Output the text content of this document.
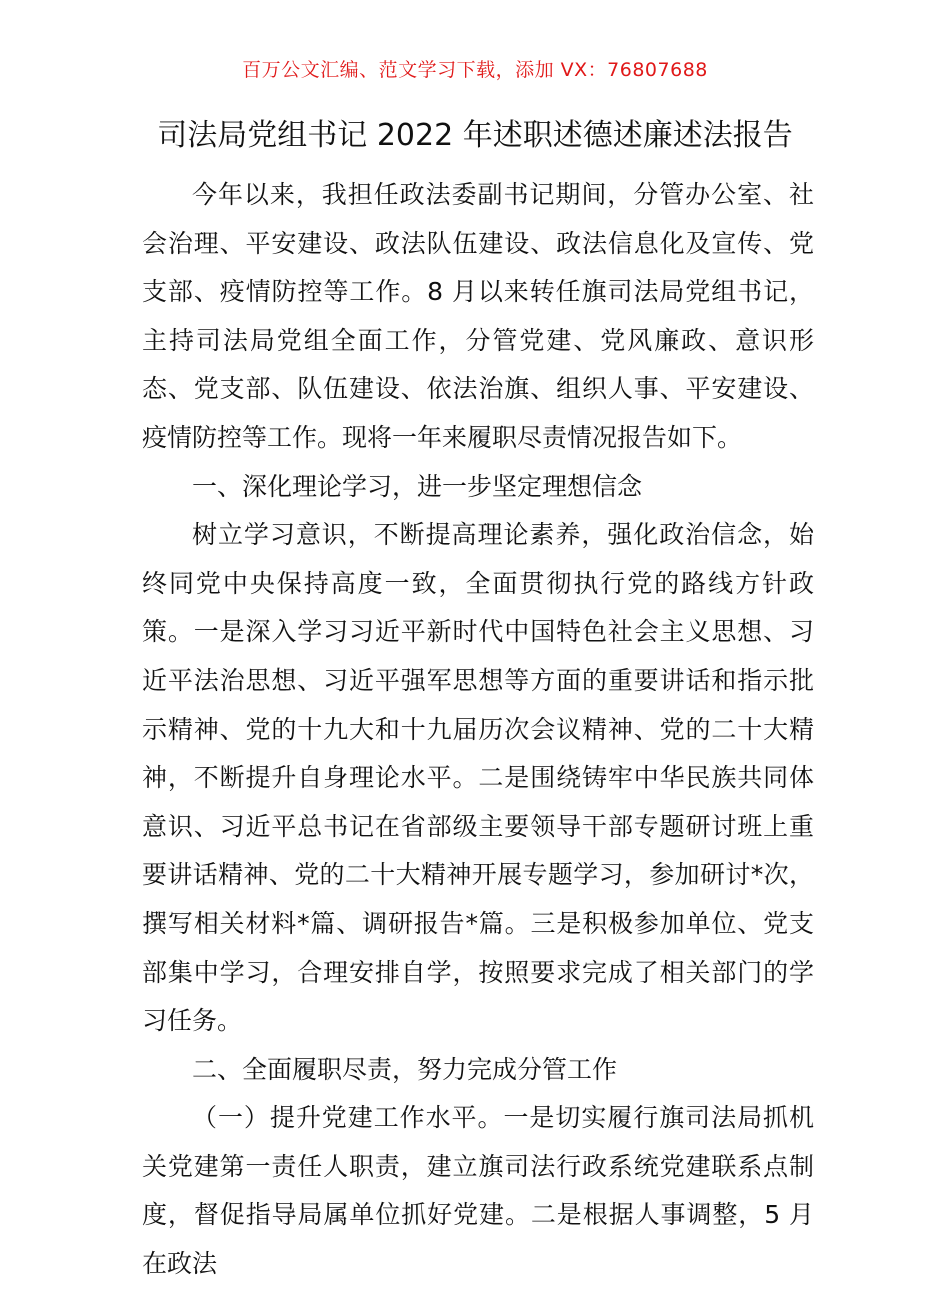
百万公文汇编、范文学习下载，添加 VX：76807688
司法局党组书记 2022 年述职述德述廉述法报告

今年以来，我担任政法委副书记期间，分管办公室、社会治理、平安建设、政法队伍建设、政法信息化及宣传、党支部、疫情防控等工作。8 月以来转任旗司法局党组书记，主持司法局党组全面工作，分管党建、党风廉政、意识形态、党支部、队伍建设、依法治旗、组织人事、平安建设、疫情防控等工作。现将一年来履职尽责情况报告如下。

一、深化理论学习，进一步坚定理想信念

树立学习意识，不断提高理论素养，强化政治信念，始终同党中央保持高度一致，全面贯彻执行党的路线方针政策。一是深入学习习近平新时代中国特色社会主义思想、习近平法治思想、习近平强军思想等方面的重要讲话和指示批示精神、党的十九大和十九届历次会议精神、党的二十大精神，不断提升自身理论水平。二是围绕铸牢中华民族共同体意识、习近平总书记在省部级主要领导干部专题研讨班上重要讲话精神、党的二十大精神开展专题学习，参加研讨*次，撰写相关材料*篇、调研报告*篇。三是积极参加单位、党支部集中学习，合理安排自学，按照要求完成了相关部门的学习任务。

二、全面履职尽责，努力完成分管工作

（一）提升党建工作水平。一是切实履行旗司法局抓机关党建第一责任人职责，建立旗司法行政系统党建联系点制度，督促指导局属单位抓好党建。二是根据人事调整，5 月在政法
